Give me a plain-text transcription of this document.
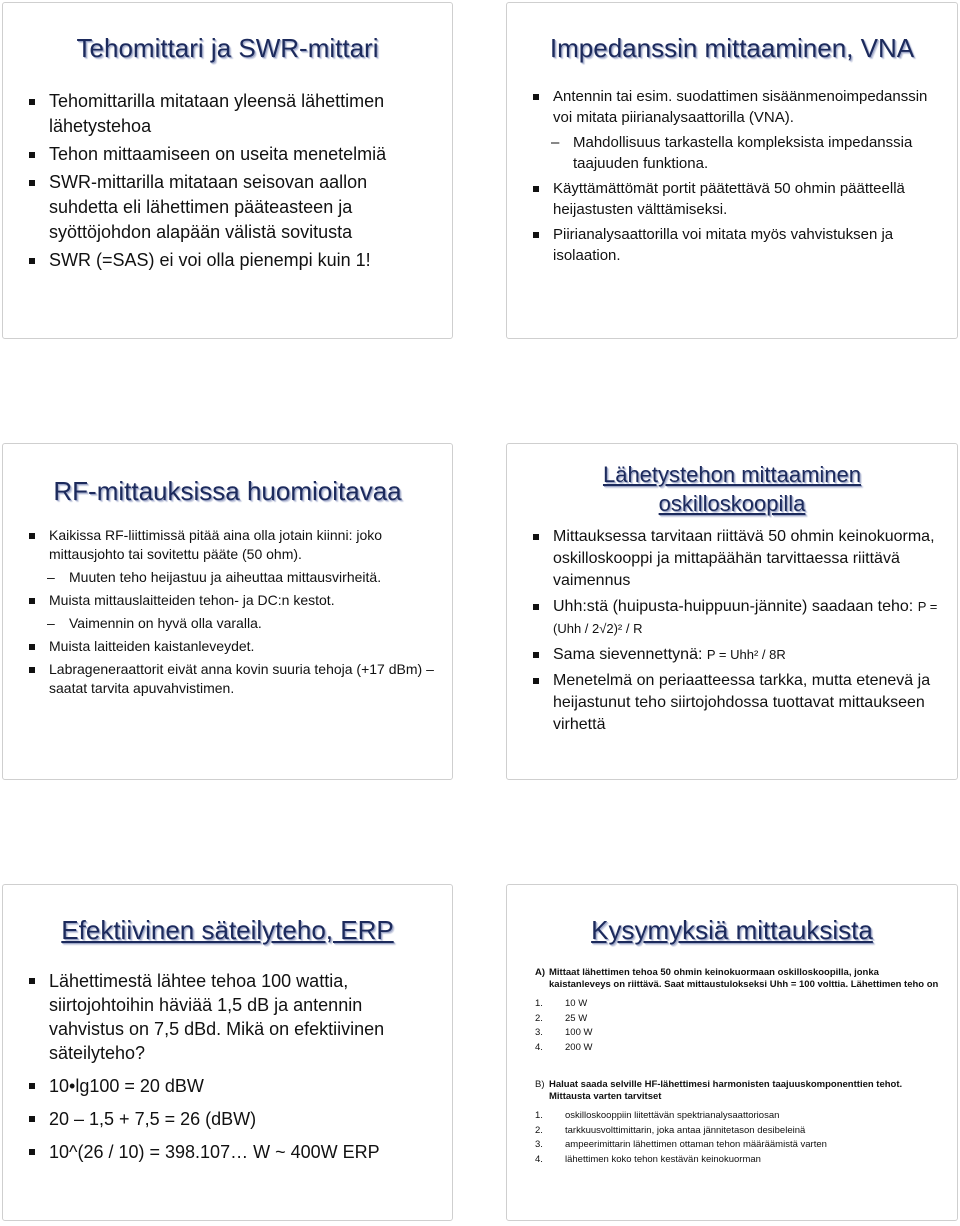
Tehomittari ja SWR-mittari
Tehomittarilla mitataan yleensä lähettimen lähetystehoa
Tehon mittaamiseen on useita menetelmiä
SWR-mittarilla mitataan seisovan aallon suhdetta eli lähettimen pääteasteen ja syöttöjohdon alapään välistä sovitusta
SWR (=SAS) ei voi olla pienempi kuin 1!
Impedanssin mittaaminen, VNA
Antennin tai esim. suodattimen sisäänmenoimpedanssin voi mitata piirianalysaattorilla (VNA).
– Mahdollisuus tarkastella kompleksista impedanssia taajuuden funktiona.
Käyttämättömät portit päätettävä 50 ohmin päätteellä heijastusten välttämiseksi.
Piirianalysaattorilla voi mitata myös vahvistuksen ja isolaation.
RF-mittauksissa huomioitavaa
Kaikissa RF-liittimissä pitää aina olla jotain kiinni: joko mittausjohto tai sovitettu pääte (50 ohm).
– Muuten teho heijastuu ja aiheuttaa mittausvirheitä.
Muista mittauslaitteiden tehon- ja DC:n kestot.
– Vaimennin on hyvä olla varalla.
Muista laitteiden kaistanleveydet.
Labrageneraattorit eivät anna kovin suuria tehoja (+17 dBm) – saatat tarvita apuvahvistimen.
Lähetystehon mittaaminen
oskilloskoopilla
Mittauksessa tarvitaan riittävä 50 ohmin keinokuorma, oskilloskooppi ja mittapäähän tarvittaessa riittävä vaimennus
Uhh:stä (huipusta-huippuun-jännite) saadaan teho: P = (Uhh / 2√2)² / R
Sama sievennettynä: P = Uhh² / 8R
Menetelmä on periaatteessa tarkka, mutta etenevä ja heijastunut teho siirtojohdossa tuottavat mittaukseen virhettä
Efektiivinen säteilyteho, ERP
Lähettimestä lähtee tehoa 100 wattia, siirtojohtoihin häviää 1,5 dB ja antennin vahvistus on 7,5 dBd. Mikä on efektiivinen säteilyteho?
10•lg100 = 20 dBW
20 – 1,5 + 7,5 = 26 (dBW)
10^(26 / 10) = 398.107… W ~ 400W ERP
Kysymyksiä mittauksista
A) Mittaat lähettimen tehoa 50 ohmin keinokuormaan oskilloskoopilla, jonka kaistanleveys on riittävä. Saat mittaustulokseksi Uhh = 100 volttia. Lähettimen teho on
1. 10 W
2. 25 W
3. 100 W
4. 200 W
B) Haluat saada selville HF-lähettimesi harmonisten taajuuskomponenttien tehot. Mittausta varten tarvitset
1. oskilloskooppiin liitettävän spektrianalysaattoriosan
2. tarkkuusvolttimittarin, joka antaa jännitetason desibeleinä
3. ampeerimittarin lähettimen ottaman tehon määräämistä varten
4. lähettimen koko tehon kestävän keinokuorman
